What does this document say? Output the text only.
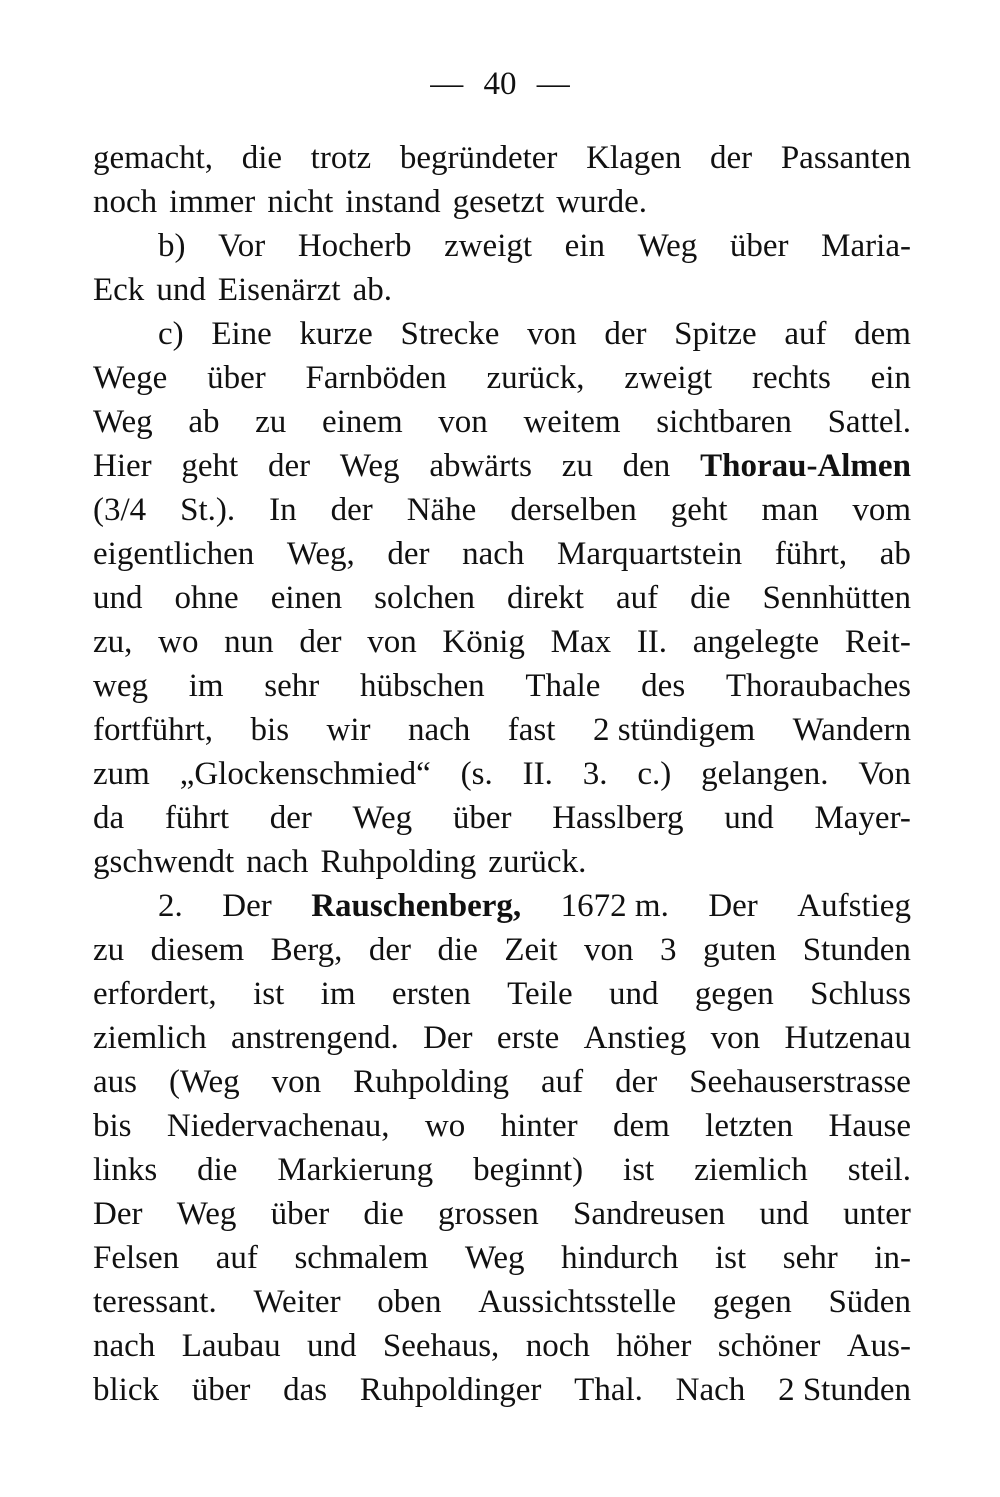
— 40 —
gemacht, die trotz begründeter Klagen der Passanten
noch immer nicht instand gesetzt wurde.
b) Vor Hocherb zweigt ein Weg über Maria-
Eck und Eisenärzt ab.
c) Eine kurze Strecke von der Spitze auf dem
Wege über Farnböden zurück, zweigt rechts ein
Weg ab zu einem von weitem sichtbaren Sattel.
Hier geht der Weg abwärts zu den Thorau-Almen
(3/4 St.). In der Nähe derselben geht man vom
eigentlichen Weg, der nach Marquartstein führt, ab
und ohne einen solchen direkt auf die Sennhütten
zu, wo nun der von König Max II. angelegte Reit-
weg im sehr hübschen Thale des Thoraubaches
fortführt, bis wir nach fast 2 stündigem Wandern
zum „Glockenschmied“ (s. II. 3. c.) gelangen. Von
da führt der Weg über Hasslberg und Mayer-
gschwendt nach Ruhpolding zurück.
2. Der Rauschenberg, 1672 m. Der Aufstieg
zu diesem Berg, der die Zeit von 3 guten Stunden
erfordert, ist im ersten Teile und gegen Schluss
ziemlich anstrengend. Der erste Anstieg von Hutzenau
aus (Weg von Ruhpolding auf der Seehauserstrasse
bis Niedervachenau, wo hinter dem letzten Hause
links die Markierung beginnt) ist ziemlich steil.
Der Weg über die grossen Sandreusen und unter
Felsen auf schmalem Weg hindurch ist sehr in-
teressant. Weiter oben Aussichtsstelle gegen Süden
nach Laubau und Seehaus, noch höher schöner Aus-
blick über das Ruhpoldinger Thal. Nach 2 Stunden
